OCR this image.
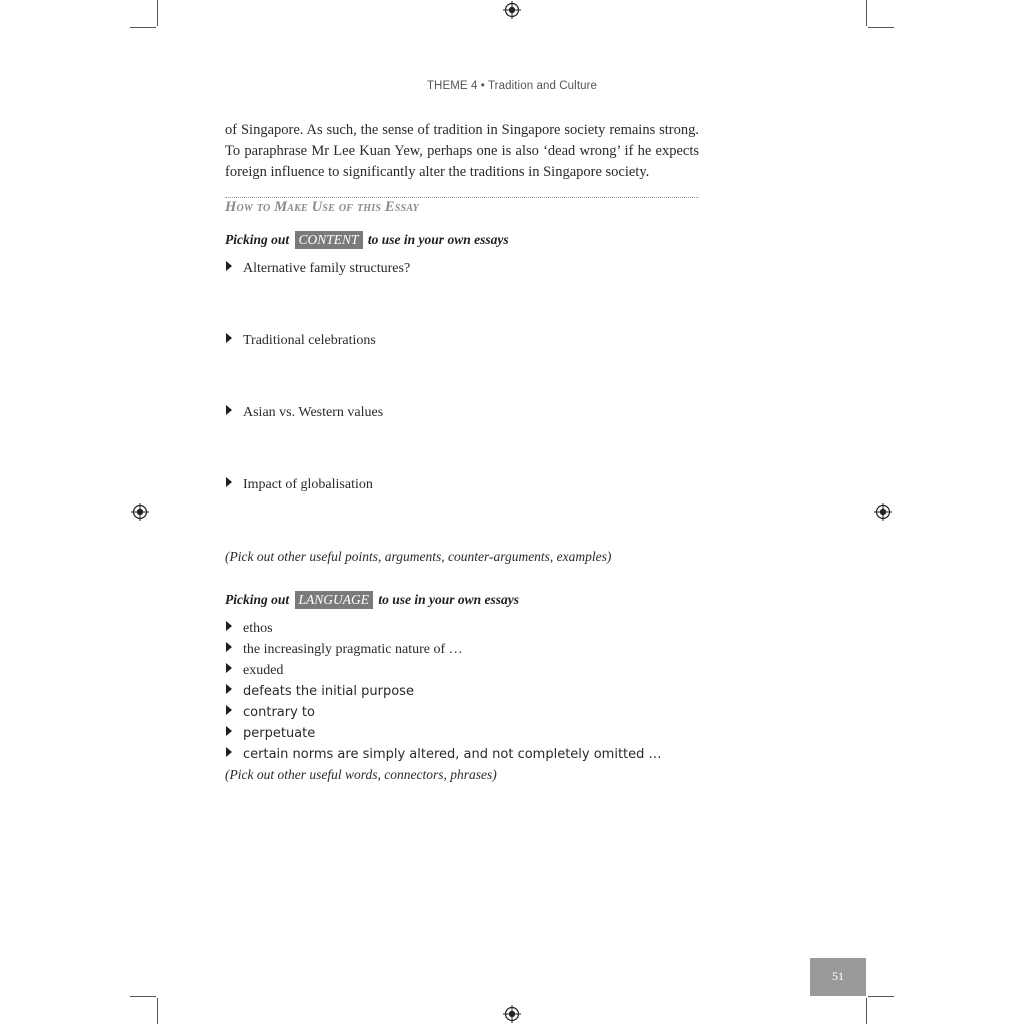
THEME 4 • Tradition and Culture
of Singapore. As such, the sense of tradition in Singapore society remains strong. To paraphrase Mr Lee Kuan Yew, perhaps one is also ‘dead wrong’ if he expects foreign influence to significantly alter the traditions in Singapore society.
How to Make Use of this Essay
Picking out CONTENT to use in your own essays
Alternative family structures?
Traditional celebrations
Asian vs. Western values
Impact of globalisation
(Pick out other useful points, arguments, counter-arguments, examples)
Picking out LANGUAGE to use in your own essays
ethos
the increasingly pragmatic nature of …
exuded
defeats the initial purpose
contrary to
perpetuate
certain norms are simply altered, and not completely omitted …
(Pick out other useful words, connectors, phrases)
51
